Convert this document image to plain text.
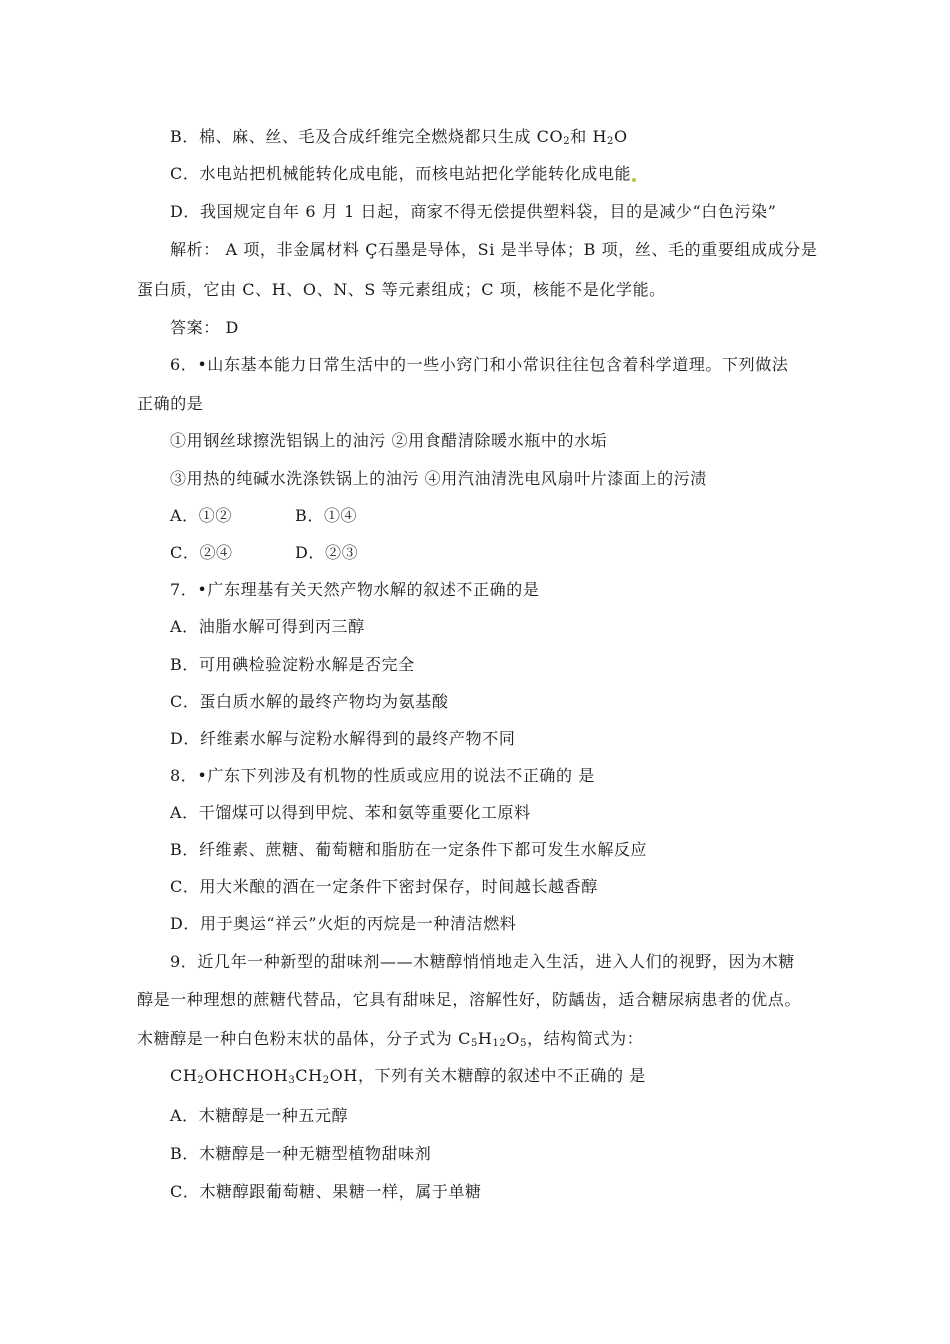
B．棉、麻、丝、毛及合成纤维完全燃烧都只生成 $CO_2$和 $H_2O$
C．水电站把机械能转化成电能，而核电站把化学能转化成电能
D．我国规定自年 6 月 1 日起，商家不得无偿提供塑料袋，目的是减少“白色污染”
解析： A 项，非金属材料 Ç石墨是导体，Si 是半导体；B 项，丝、毛的重要组成成分是
蛋白质，它由 C、H、O、N、S 等元素组成；C 项，核能不是化学能。
答案： D
6．•山东基本能力日常生活中的一些小窍门和小常识往往包含着科学道理。下列做法
正确的是
①用钢丝球擦洗铝锅上的油污 ②用食醋清除暖水瓶中的水垢
③用热的纯碱水洗涤铁锅上的油污 ④用汽油清洗电风扇叶片漆面上的污渍
A．①②	B．①④
C．②④	D．②③
7．•广东理基有关天然产物水解的叙述不正确的是
A．油脂水解可得到丙三醇
B．可用碘检验淀粉水解是否完全
C．蛋白质水解的最终产物均为氨基酸
D．纤维素水解与淀粉水解得到的最终产物不同
8．•广东下列涉及有机物的性质或应用的说法不正确的 是
A．干馏煤可以得到甲烷、苯和氨等重要化工原料
B．纤维素、蔗糖、葡萄糖和脂肪在一定条件下都可发生水解反应
C．用大米酿的酒在一定条件下密封保存，时间越长越香醇
D．用于奥运“祥云”火炬的丙烷是一种清洁燃料
9．近几年一种新型的甜味剂——木糖醇悄悄地走入生活，进入人们的视野，因为木糖
醇是一种理想的蔗糖代替品，它具有甜味足，溶解性好，防龋齿，适合糖尿病患者的优点。
木糖醇是一种白色粉末状的晶体，分子式为 $C_5H_{12}O_5$，结构简式为：
$CH_2OHCHOH_3CH_2OH$，下列有关木糖醇的叙述中不正确的 是
A．木糖醇是一种五元醇
B．木糖醇是一种无糖型植物甜味剂
C．木糖醇跟葡萄糖、果糖一样，属于单糖
